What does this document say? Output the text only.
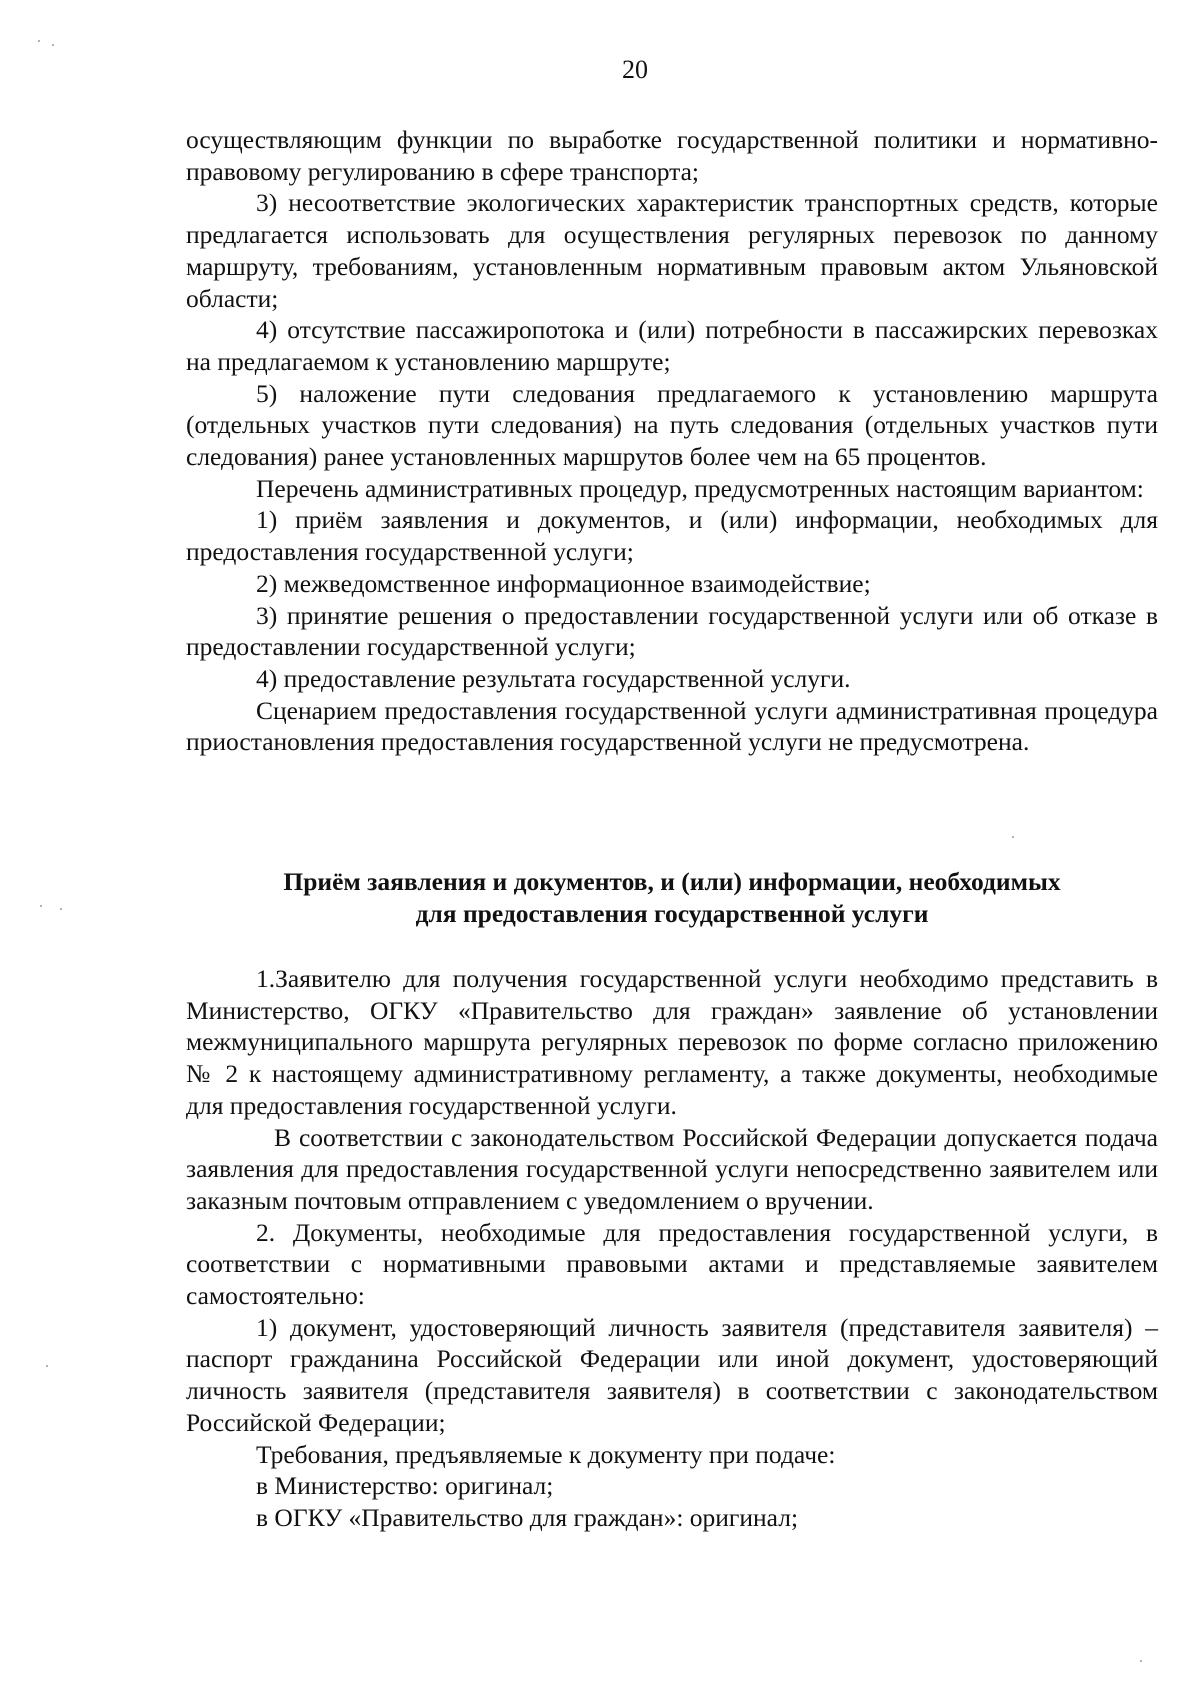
20

осуществляющим функции по выработке государственной политики и нормативно-правовому регулированию в сфере транспорта;

3) несоответствие экологических характеристик транспортных средств, которые предлагается использовать для осуществления регулярных перевозок по данному маршруту, требованиям, установленным нормативным правовым актом Ульяновской области;

4) отсутствие пассажиропотока и (или) потребности в пассажирских перевозках на предлагаемом к установлению маршруте;

5) наложение пути следования предлагаемого к установлению маршрута (отдельных участков пути следования) на путь следования (отдельных участков пути следования) ранее установленных маршрутов более чем на 65 процентов.

Перечень административных процедур, предусмотренных настоящим вариантом:

1) приём заявления и документов, и (или) информации, необходимых для предоставления государственной услуги;

2) межведомственное информационное взаимодействие;

3) принятие решения о предоставлении государственной услуги или об отказе в предоставлении государственной услуги;

4) предоставление результата государственной услуги.

Сценарием предоставления государственной услуги административная процедура приостановления предоставления государственной услуги не предусмотрена.

Приём заявления и документов, и (или) информации, необходимых
для предоставления государственной услуги

1.Заявителю для получения государственной услуги необходимо представить в Министерство, ОГКУ «Правительство для граждан» заявление об установлении межмуниципального маршрута регулярных перевозок по форме согласно приложению № 2 к настоящему административному регламенту, а также документы, необходимые для предоставления государственной услуги.

В соответствии с законодательством Российской Федерации допускается подача заявления для предоставления государственной услуги непосредственно заявителем или заказным почтовым отправлением с уведомлением о вручении.

2. Документы, необходимые для предоставления государственной услуги, в соответствии с нормативными правовыми актами и представляемые заявителем самостоятельно:

1) документ, удостоверяющий личность заявителя (представителя заявителя) – паспорт гражданина Российской Федерации или иной документ, удостоверяющий личность заявителя (представителя заявителя) в соответствии с законодательством Российской Федерации;

Требования, предъявляемые к документу при подаче:

в Министерство: оригинал;

в ОГКУ «Правительство для граждан»: оригинал;
